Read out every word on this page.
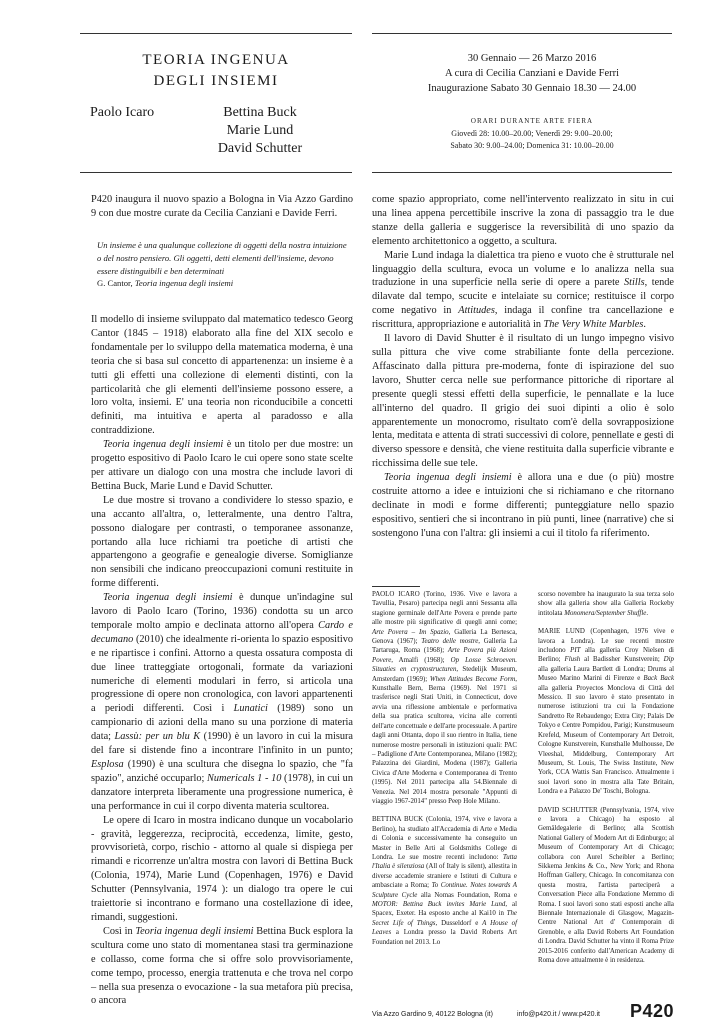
TEORIA INGENUA
DEGLI INSIEMI
Paolo Icaro	Bettina Buck
Marie Lund
David Schutter
30 Gennaio — 26 Marzo 2016
A cura di Cecilia Canziani e Davide Ferri
Inaugurazione Sabato 30 Gennaio 18.30 — 24.00
ORARI DURANTE ARTE FIERA
Giovedì 28: 10.00–20.00; Venerdì 29: 9.00–20.00;
Sabato 30: 9.00–24.00; Domenica 31: 10.00–20.00

P420 inaugura il nuovo spazio a Bologna in Via Azzo Gardino 9 con due mostre curate da Cecilia Canziani e Davide Ferri.

Un insieme è una qualunque collezione di oggetti della nostra intuizione o del nostro pensiero. Gli oggetti, detti elementi dell'insieme, devono essere distinguibili e ben determinati
G. Cantor, Teoria ingenua degli insiemi

Il modello di insieme sviluppato dal matematico tedesco Georg Cantor (1845 – 1918) elaborato alla fine del XIX secolo e fondamentale per lo sviluppo della matematica moderna, è una teoria che si basa sul concetto di appartenenza: un insieme è a tutti gli effetti una collezione di elementi distinti, con la particolarità che gli elementi dell'insieme possono essere, a loro volta, insiemi. E' una teoria non riconducibile a concetti definiti, ma intuitiva e aperta al paradosso e alla contraddizione.

Teoria ingenua degli insiemi è un titolo per due mostre: un progetto espositivo di Paolo Icaro le cui opere sono state scelte per attivare un dialogo con una mostra che include lavori di Bettina Buck, Marie Lund e David Schutter.

Le due mostre si trovano a condividere lo stesso spazio, e una accanto all'altra, o, letteralmente, una dentro l'altra, possono dialogare per contrasti, o temporanee assonanze, portando alla luce richiami tra poetiche di artisti che appartengono a geografie e genealogie diverse. Somiglianze non sensibili che indicano preoccupazioni comuni restituite in forme differenti.

Teoria ingenua degli insiemi è dunque un'indagine sul lavoro di Paolo Icaro (Torino, 1936) condotta su un arco temporale molto ampio e declinata attorno all'opera Cardo e decumano (2010) che idealmente ri-orienta lo spazio espositivo e ne ripartisce i confini. Attorno a questa ossatura composta di due linee tratteggiate ortogonali, formate da variazioni numeriche di elementi modulari in ferro, si articola una progressione di opere non cronologica, con lavori appartenenti a periodi differenti. Così i Lunatici (1989) sono un campionario di azioni della mano su una porzione di materia data; Lassù: per un blu K (1990) è un lavoro in cui la misura del fare si distende fino a incontrare l'infinito in un punto; Esplosa (1990) è una scultura che disegna lo spazio, che "fa spazio", anziché occuparlo; Numericals 1 - 10 (1978), in cui un danzatore interpreta liberamente una progressione numerica, è una performance in cui il corpo diventa materia scultorea.

Le opere di Icaro in mostra indicano dunque un vocabolario - gravità, leggerezza, reciprocità, eccedenza, limite, gesto, provvisorietà, corpo, rischio - attorno al quale si dispiega per rimandi e ricorrenze un'altra mostra con lavori di Bettina Buck (Colonia, 1974), Marie Lund (Copenhagen, 1976) e David Schutter (Pennsylvania, 1974 ): un dialogo tra opere le cui traiettorie si incontrano e formano una costellazione di idee, rimandi, suggestioni.

Così in Teoria ingenua degli insiemi Bettina Buck esplora la scultura come uno stato di momentanea stasi tra germinazione e collasso, come forma che si offre solo provvisoriamente, come tempo, processo, energia trattenuta e che trova nel corpo – nella sua presenza o evocazione - la sua metafora più precisa, o ancora

come spazio appropriato, come nell'intervento realizzato in situ in cui una linea appena percettibile inscrive la zona di passaggio tra le due stanze della galleria e suggerisce la reversibilità di uno spazio da elemento architettonico a oggetto, a scultura.

Marie Lund indaga la dialettica tra pieno e vuoto che è strutturale nel linguaggio della scultura, evoca un volume e lo analizza nella sua traduzione in una superficie nella serie di opere a parete Stills, tende dilavate dal tempo, scucite e intelaiate su cornice; restituisce il corpo come negativo in Attitudes, indaga il confine tra cancellazione e riscrittura, appropriazione e autorialità in The Very White Marbles.

Il lavoro di David Shutter è il risultato di un lungo impegno visivo sulla pittura che vive come strabiliante fonte della percezione. Affascinato dalla pittura pre-moderna, fonte di ispirazione del suo lavoro, Shutter cerca nelle sue performance pittoriche di riportare al presente quegli stessi effetti della superficie, le pennallate e la luce all'interno del quadro. Il grigio dei suoi dipinti a olio è solo apparentemente un monocromo, risultato com'è della sovrapposizione lenta, meditata e attenta di strati successivi di colore, pennellate e gesti di diverso spessore e densità, che viene restituita dalla superficie vibrante e ricchissima delle sue tele.

Teoria ingenua degli insiemi è allora una e due (o più) mostre costruite attorno a idee e intuizioni che si richiamano e che ritornano declinate in modi e forme differenti; punteggiature nello spazio espositivo, sentieri che si incontrano in più punti, linee (narrative) che si sostengono l'una con l'altra: gli insiemi a cui il titolo fa riferimento.

PAOLO ICARO (Torino, 1936. Vive e lavora a Tavullia, Pesaro) partecipa negli anni Sessanta alla stagione germinale dell'Arte Povera e prende parte alle mostre più significative di quegli anni come; Arte Povera – Im Spazio, Galleria La Bertesca, Genova (1967); Teatro delle mostre, Galleria La Tartaruga, Roma (1968); Arte Povera più Azioni Povere, Amalfi (1968); Op Losse Schroeven. Situaties en cryptostructuren, Stedelijk Museum, Amsterdam (1969); When Attitudes Become Form, Kunsthalle Bern, Berna (1969). Nel 1971 si trasferisce negli Stati Uniti, in Connecticut, dove avvia una riflessione ambientale e performativa della sua pratica scultorea, vicina alle correnti dell'arte concettuale e dell'arte processuale. A partire dagli anni Ottanta, dopo il suo rientro in Italia, tiene numerose mostre personali in istituzioni quali: PAC – Padiglione d'Arte Contemporanea, Milano (1982); Palazzina dei Giardini, Modena (1987); Galleria Civica d'Arte Moderna e Contemporanea di Trento (1995). Nel 2011 partecipa alla 54.Biennale di Venezia. Nel 2014 mostra personale "Appunti di viaggio 1967-2014" presso Peep Hole Milano.

BETTINA BUCK (Colonia, 1974, vive e lavora a Berlino), ha studiato all'Accademia di Arte e Media di Colonia e successivamente ha conseguito un Master in Belle Arti al Goldsmiths College di Londra. Le sue mostre recenti includono: Tutta l'Italia è silenziosa (All of Italy is silent), allestita in diverse accademie straniere e Istituti di Cultura e ambasciate a Roma; To Continue. Notes towards A Sculpture Cycle alla Nomas Foundation, Roma e MOTOR: Bettina Buck invites Marie Lund, al Spacex, Exeter. Ha esposto anche al Kai10 in The Secret Life of Things, Dusseldorf e A House of Leaves a Londra presso la David Roberts Art Foundation nel 2013. Lo

scorso novembre ha inaugurato la sua terza solo show alla galleria show alla Galleria Rockeby intitolata Monomera/September Shuffle.

MARIE LUND (Copenhagen, 1976 vive e lavora a Londra). Le sue recenti mostre includono PIT alla galleria Croy Nielsen di Berlino; Flush al Badissher Kunstverein; Dip alla galleria Laura Bartlett di Londra; Drums al Museo Marino Marini di Firenze e Back Back alla galleria Proyectos Monclova di Città del Messico. Il suo lavoro è stato presentato in numerose istituzioni tra cui la Fondazione Sandretto Re Rebaudengo; Extra City; Palais De Tokyo e Centre Pompidou, Parigi; Kunstmuseum Krefeld, Museum of Contemporary Art Detroit, Cologne Kunstverein, Kunsthalle Mulhousse, De Vleeshal, Middelburg, Contemporary Art Museum, St. Louis, The Swiss Institute, New York, CCA Wattis San Francisco. Attualmente i suoi lavori sono in mostra alla Tate Britain, Londra e a Palazzo De' Toschi, Bologna.

DAVID SCHUTTER (Pennsylvania, 1974, vive e lavora a Chicago) ha esposto al Gemäldegalerie di Berlino; alla Scottish National Gallery of Modern Art di Edinburgo; al Museum of Contemporary Art di Chicago; collabora con Aurel Scheibler a Berlino; Sikkema Jenkins & Co., New York; and Rhona Hoffman Gallery, Chicago. In concomitanza con questa mostra, l'artista parteciperà a Conversation Piece alla Fondazione Memmo di Roma. I suoi lavori sono stati esposti anche alla Biennale Internazionale di Glasgow, Magazin- Centre National Art d' Contemporain di Grenoble, e alla David Roberts Art Foundation di Londra. David Schutter ha vinto il Roma Prize 2015-2016 conferito dall'American Academy di Roma dove attualmente è in residenza.

Via Azzo Gardino 9, 40122 Bologna (it)	info@p420.it / www.p420.it P420
